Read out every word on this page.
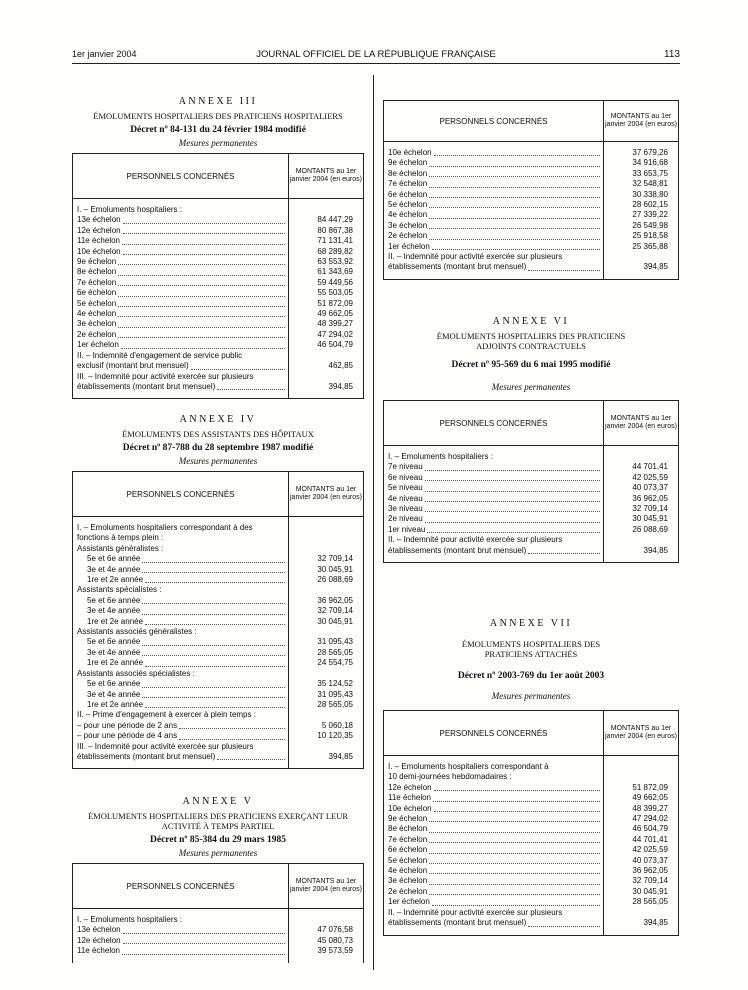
1er janvier 2004	JOURNAL OFFICIEL DE LA RÉPUBLIQUE FRANÇAISE	113
ANNEXE III
ÉMOLUMENTS HOSPITALIERS DES PRATICIENS HOSPITALIERS
Décret nº 84-131 du 24 février 1984 modifié
Mesures permanentes
PERSONNELS CONCERNÉS	MONTANTS au 1er janvier 2004 (en euros)

I. – Emoluments hospitaliers :	

13e échelon	84 447,29

12e échelon	80 867,38

11e échelon	71 131,41

10e échelon	68 289,82

9e échelon	63 553,92

8e échelon	61 343,69

7e échelon	59 449,56

6e échelon	55 503,05

5e échelon	51 872,09

4e échelon	49 662,05

3e échelon	48 399,27

2e échelon	47 294,02

1er échelon	46 504,79

II. – Indemnité d'engagement de service public	

exclusif (montant brut mensuel)	462,85

III. – Indemnité pour activité exercée sur plusieurs	

établissements (montant brut mensuel)	394,85

ANNEXE IV
ÉMOLUMENTS DES ASSISTANTS DES HÔPITAUX
Décret nº 87-788 du 28 septembre 1987 modifié
Mesures permanentes
PERSONNELS CONCERNÉS	MONTANTS au 1er janvier 2004 (en euros)

I. – Emoluments hospitaliers correspondant à des	

fonctions à temps plein :	

Assistants généralistes :	

5e et 6e année	32 709,14

3e et 4e année	30 045,91

1re et 2e année	26 088,69

Assistants spécialistes :	

5e et 6e année	36 962,05

3e et 4e année	32 709,14

1re et 2e année	30 045,91

Assistants associés généralistes :	

5e et 6e année	31 095,43

3e et 4e année	28 565,05

1re et 2e année	24 554,75

Assistants associés spécialistes :	

5e et 6e année	35 124,52

3e et 4e année	31 095,43

1re et 2e année	28 565,05

II. – Prime d'engagement à exercer à plein temps :	

– pour une période de 2 ans	5 060,18

– pour une période de 4 ans	10 120,35

III. – Indemnité pour activité exercée sur plusieurs	

établissements (montant brut mensuel)	394,85

ANNEXE V
ÉMOLUMENTS HOSPITALIERS DES PRATICIENS EXERÇANT LEUR ACTIVITÉ À TEMPS PARTIEL
Décret nº 85-384 du 29 mars 1985
Mesures permanentes
PERSONNELS CONCERNÉS	MONTANTS au 1er janvier 2004 (en euros)

I. – Emoluments hospitaliers :	

13e échelon	47 076,58

12e échelon	45 080,73

11e échelon	39 573,59

PERSONNELS CONCERNÉS	MONTANTS au 1er janvier 2004 (en euros)

10e échelon	37 679,26

9e échelon	34 916,68

8e échelon	33 653,75

7e échelon	32 548,81

6e échelon	30 338,80

5e échelon	28 602,15

4e échelon	27 339,22

3e échelon	26 549,98

2e échelon	25 918,58

1er échelon	25 365,88

II. – Indemnité pour activité exercée sur plusieurs	

établissements (montant brut mensuel)	394,85

ANNEXE VI
ÉMOLUMENTS HOSPITALIERS DES PRATICIENS ADJOINTS CONTRACTUELS
Décret nº 95-569 du 6 mai 1995 modifié
Mesures permanentes
PERSONNELS CONCERNÉS	MONTANTS au 1er janvier 2004 (en euros)

I. – Emoluments hospitaliers :	

7e niveau	44 701,41

6e niveau	42 025,59

5e niveau	40 073,37

4e niveau	36 962,05

3e niveau	32 709,14

2e niveau	30 045,91

1er niveau	26 088,69

II. – Indemnité pour activité exercée sur plusieurs	

établissements (montant brut mensuel)	394,85

ANNEXE VII
ÉMOLUMENTS HOSPITALIERS DES PRATICIENS ATTACHÉS
Décret nº 2003-769 du 1er août 2003
Mesures permanentes
PERSONNELS CONCERNÉS	MONTANTS au 1er janvier 2004 (en euros)

I. – Emoluments hospitaliers correspondant à	

10 demi-journées hebdomadaires :	

12e échelon	51 872,09

11e échelon	49 662,05

10e échelon	48 399,27

9e échelon	47 294,02

8e échelon	46 504,79

7e échelon	44 701,41

6e échelon	42 025,59

5e échelon	40 073,37

4e échelon	36 962,05

3e échelon	32 709,14

2e échelon	30 045,91

1er échelon	28 565,05

II. – Indemnité pour activité exercée sur plusieurs	

établissements (montant brut mensuel)	394,85
